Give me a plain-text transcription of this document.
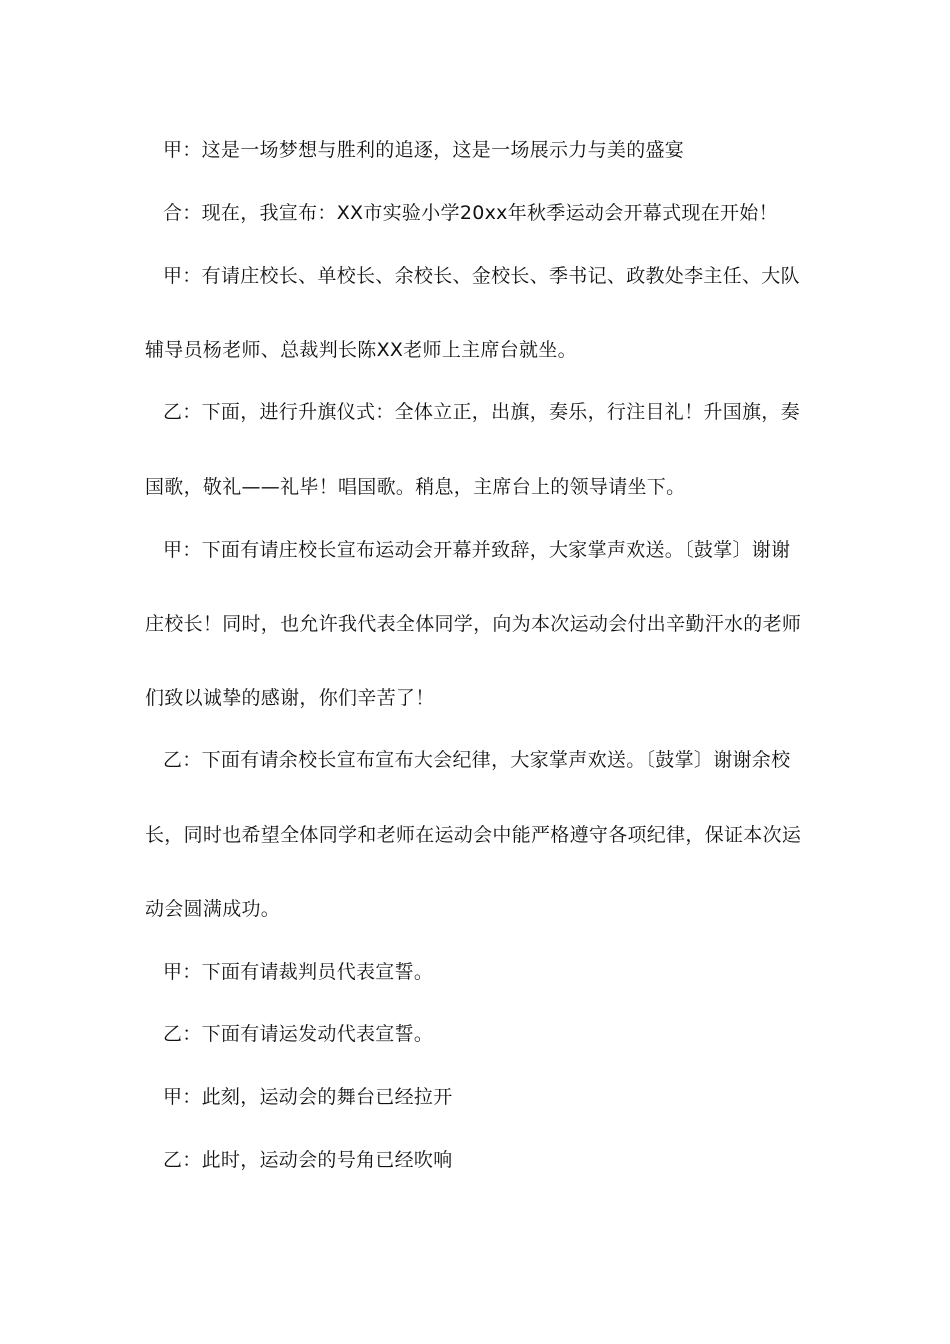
甲：这是一场梦想与胜利的追逐，这是一场展示力与美的盛宴
合：现在，我宣布：XX市实验小学20xx年秋季运动会开幕式现在开始！
甲：有请庄校长、单校长、余校长、金校长、季书记、政教处李主任、大队
辅导员杨老师、总裁判长陈XX老师上主席台就坐。
乙：下面，进行升旗仪式：全体立正，出旗，奏乐，行注目礼！升国旗，奏
国歌，敬礼——礼毕！唱国歌。稍息，主席台上的领导请坐下。
甲：下面有请庄校长宣布运动会开幕并致辞，大家掌声欢送。〔鼓掌〕谢谢
庄校长！同时，也允许我代表全体同学，向为本次运动会付出辛勤汗水的老师
们致以诚挚的感谢，你们辛苦了！
乙：下面有请余校长宣布宣布大会纪律，大家掌声欢送。〔鼓掌〕谢谢余校
长，同时也希望全体同学和老师在运动会中能严格遵守各项纪律，保证本次运
动会圆满成功。
甲：下面有请裁判员代表宣誓。
乙：下面有请运发动代表宣誓。
甲：此刻，运动会的舞台已经拉开
乙：此时，运动会的号角已经吹响
